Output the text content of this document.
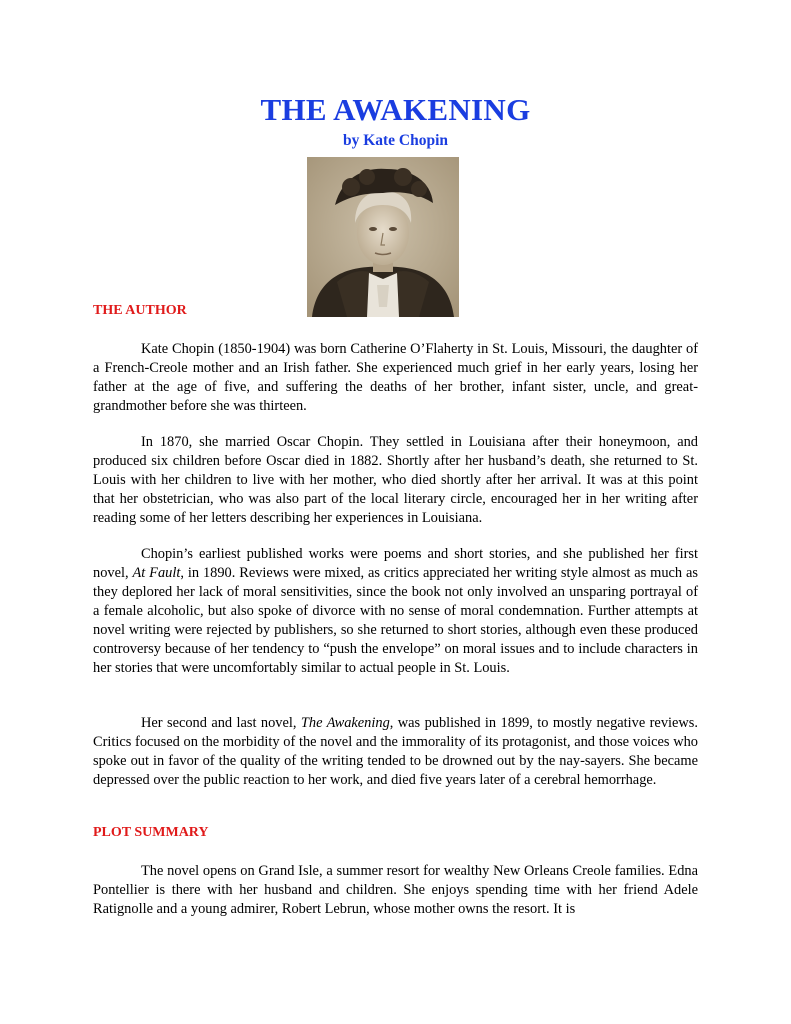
THE AWAKENING

by Kate Chopin

THE AUTHOR

Kate Chopin (1850-1904) was born Catherine O’Flaherty in St. Louis, Missouri, the daughter of a French-Creole mother and an Irish father. She experienced much grief in her early years, losing her father at the age of five, and suffering the deaths of her brother, infant sister, uncle, and great-grandmother before she was thirteen.

In 1870, she married Oscar Chopin. They settled in Louisiana after their honeymoon, and produced six children before Oscar died in 1882. Shortly after her husband’s death, she returned to St. Louis with her children to live with her mother, who died shortly after her arrival. It was at this point that her obstetrician, who was also part of the local literary circle, encouraged her in her writing after reading some of her letters describing her experiences in Louisiana.

Chopin’s earliest published works were poems and short stories, and she published her first novel, At Fault, in 1890. Reviews were mixed, as critics appreciated her writing style almost as much as they deplored her lack of moral sensitivities, since the book not only involved an unsparing portrayal of a female alcoholic, but also spoke of divorce with no sense of moral condemnation. Further attempts at novel writing were rejected by publishers, so she returned to short stories, although even these produced controversy because of her tendency to “push the envelope” on moral issues and to include characters in her stories that were uncomfortably similar to actual people in St. Louis.

Her second and last novel, The Awakening, was published in 1899, to mostly negative reviews. Critics focused on the morbidity of the novel and the immorality of its protagonist, and those voices who spoke out in favor of the quality of the writing tended to be drowned out by the nay-sayers. She became depressed over the public reaction to her work, and died five years later of a cerebral hemorrhage.

PLOT SUMMARY

The novel opens on Grand Isle, a summer resort for wealthy New Orleans Creole families. Edna Pontellier is there with her husband and children. She enjoys spending time with her friend Adele Ratignolle and a young admirer, Robert Lebrun, whose mother owns the resort. It is
